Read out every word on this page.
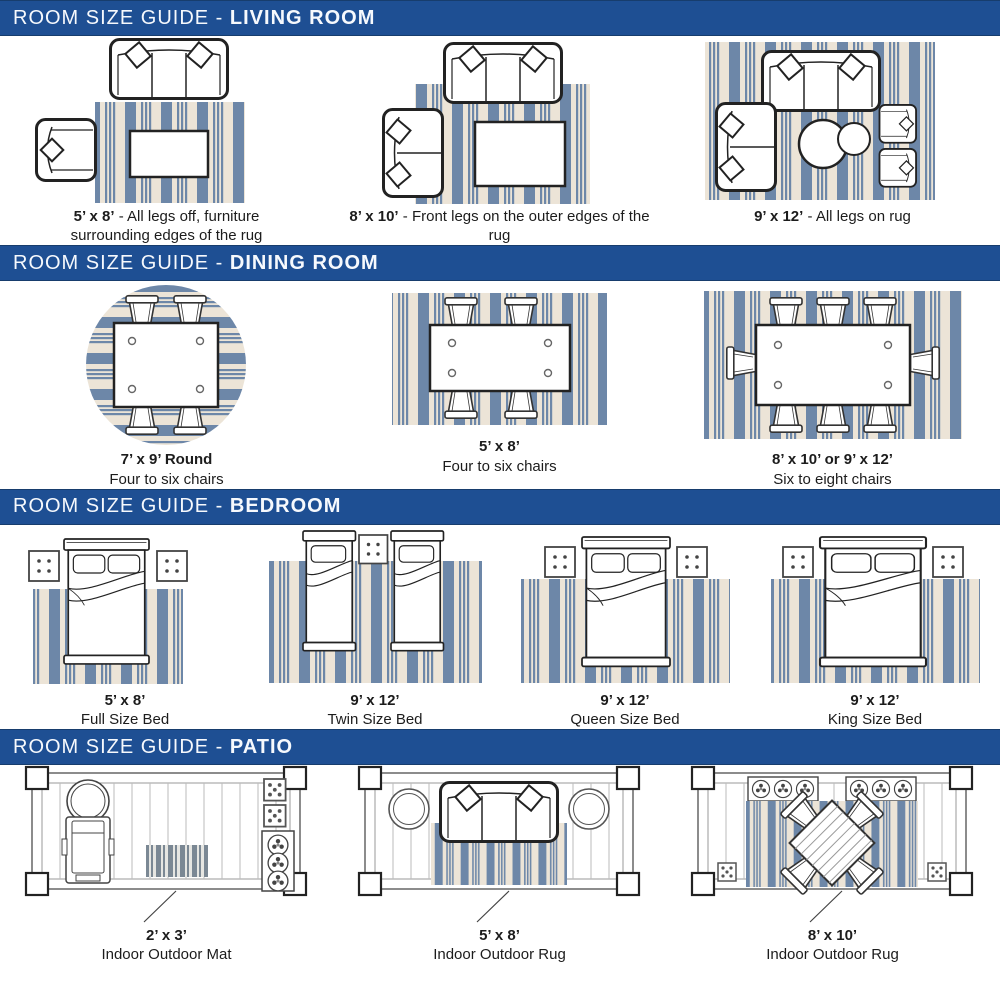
ROOM SIZE GUIDE - LIVING ROOM
5’ x 8’ - All legs off, furniture surrounding edges of the rug
8’ x 10’ - Front legs on the outer edges of the rug
9’ x 12’ - All legs on rug
ROOM SIZE GUIDE - DINING ROOM
7’ x 9’ Round
Four to six chairs
5’ x 8’
Four to six chairs	8’ x 10’ or 9’ x 12’
Six to eight chairs
ROOM SIZE GUIDE - BEDROOM
5’ x 8’
Full Size Bed
9’ x 12’
Twin Size Bed
9’ x 12’
Queen Size Bed
9’ x 12’
King Size Bed
ROOM SIZE GUIDE - PATIO
2’ x 3’
Indoor Outdoor Mat
5’ x 8’
Indoor Outdoor Rug
8’ x 10’
Indoor Outdoor Rug
